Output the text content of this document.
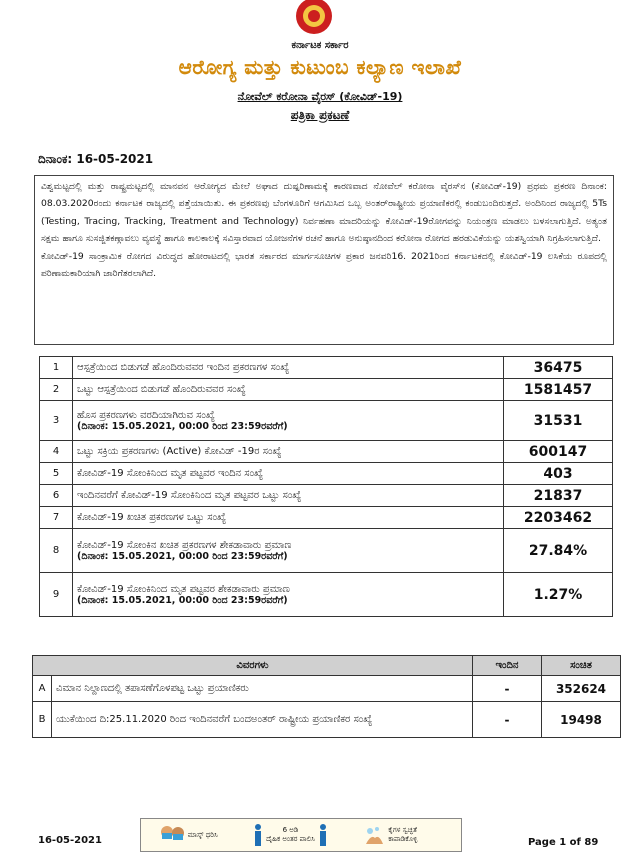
ಕರ್ನಾಟಕ ಸರ್ಕಾರ
ಆರೋಗ್ಯ ಮತ್ತು ಕುಟುಂಬ ಕಲ್ಯಾಣ ಇಲಾಖೆ
ನೋವೆಲ್ ಕರೋನಾ ವೈರಸ್ (ಕೋವಿಡ್-19)
ಪತ್ರಿಕಾ ಪ್ರಕಟಣೆ
ದಿನಾಂಕ: 16-05-2021

ವಿಶ್ವಮಟ್ಟದಲ್ಲಿ ಮತ್ತು ರಾಷ್ಟ್ರಮಟ್ಟದಲ್ಲಿ ಮಾನವನ ಆರೋಗ್ಯದ ಮೇಲೆ ಅಘಾದ ದುಷ್ಪರಿಣಾಮಕ್ಕೆ ಕಾರಣವಾದ ನೋವೆಲ್ ಕರೋನಾ ವೈರಸ್‌ನ (ಕೋವಿಡ್-19) ಪ್ರಥಮ ಪ್ರಕರಣ ದಿನಾಂಕ: 08.03.2020ರಂದು ಕರ್ನಾಟಕ ರಾಜ್ಯದಲ್ಲಿ ಪತ್ತೆಯಾಯಿತು. ಈ ಪ್ರಕರಣವು ಬೆಂಗಳೂರಿಗೆ ಆಗಮಿಸಿದ ಒಬ್ಬ ಅಂತರ್‌ರಾಷ್ಟ್ರೀಯ ಪ್ರಯಾಣಿಕರಲ್ಲಿ ಕಂಡುಬಂದಿರುತ್ತದೆ. ಅಂದಿನಿಂದ ರಾಜ್ಯದಲ್ಲಿ 5Ts (Testing, Tracing, Tracking, Treatment and Technology) ನಿರ್ವಹಣಾ ಮಾದರಿಯನ್ನು ಕೋವಿಡ್-19ರೋಗವನ್ನು ನಿಯಂತ್ರಣ ಮಾಡಲು ಬಳಸಲಾಗುತ್ತಿದೆ. ಅತ್ಯಂತ ಸಕ್ಷಮ ಹಾಗೂ ಸುಸಜ್ಜಿತಕಣ್ಗಾವಲು ವ್ಯವಸ್ಥೆ ಹಾಗೂ ಕಾಲಕಾಲಕ್ಕೆ ಸವಿಸ್ತಾರವಾದ ಯೋಜನೆಗಳ ರಚನೆ ಹಾಗೂ ಅನುಷ್ಠಾನದಿಂದ ಕರೋನಾ ರೋಗದ ಹರಡುವಿಕೆಯನ್ನು ಯಶಸ್ವಿಯಾಗಿ ನಿಗ್ರಹಿಸಲಾಗುತ್ತಿದೆ.

ಕೋವಿಡ್-19 ಸಾಂಕ್ರಾಮಿಕ ರೋಗದ ವಿರುದ್ಧದ ಹೋರಾಟದಲ್ಲಿ ಭಾರತ ಸರ್ಕಾರದ ಮಾರ್ಗಸೂಚಿಗಳ ಪ್ರಕಾರ ಜನವರಿ16. 2021ರಿಂದ ಕರ್ನಾಟಕದಲ್ಲಿ ಕೋವಿಡ್-19 ಲಸಿಕೆಯ ರೂಪದಲ್ಲಿ ಪರಿಣಾಮಕಾರಿಯಾಗಿ ಜಾರಿಗೆತರಲಾಗಿದೆ.

1	ಆಸ್ಪತ್ರೆಯಿಂದ ಬಿಡುಗಡೆ ಹೊಂದಿರುವವರ ಇಂದಿನ ಪ್ರಕರಣಗಳ ಸಂಖ್ಯೆ	36475
2	ಒಟ್ಟು ಆಸ್ಪತ್ರೆಯಿಂದ ಬಿಡುಗಡೆ ಹೊಂದಿರುವವರ ಸಂಖ್ಯೆ	1581457
3	ಹೊಸ ಪ್ರಕರಣಗಳು ವರದಿಯಾಗಿರುವ ಸಂಖ್ಯೆ
(ದಿನಾಂಕ: 15.05.2021, 00:00 ರಿಂದ 23:59ರವರೆಗೆ)	31531
4	ಒಟ್ಟು ಸಕ್ರಿಯ ಪ್ರಕರಣಗಳು (Active) ಕೋವಿಡ್ -19ರ ಸಂಖ್ಯೆ	600147
5	ಕೋವಿಡ್-19 ಸೋಂಕಿನಿಂದ ಮೃತ ಪಟ್ಟವರ ಇಂದಿನ ಸಂಖ್ಯೆ	403
6	ಇಂದಿನವರೆಗೆ ಕೋವಿಡ್-19 ಸೋಂಕಿನಿಂದ ಮೃತ ಪಟ್ಟವರ ಒಟ್ಟು ಸಂಖ್ಯೆ	21837
7	ಕೋವಿಡ್-19 ಖಚಿತ ಪ್ರಕರಣಗಳ ಒಟ್ಟು ಸಂಖ್ಯೆ	2203462
8	ಕೋವಿಡ್-19 ಸೋಂಕಿನ ಖಚಿತ ಪ್ರಕರಣಗಳ ಶೇಕಡಾವಾರು ಪ್ರಮಾಣ
(ದಿನಾಂಕ: 15.05.2021, 00:00 ರಿಂದ 23:59ರವರೆಗೆ)	27.84%
9	ಕೋವಿಡ್-19 ಸೋಂಕಿನಿಂದ ಮೃತ ಪಟ್ಟವರ ಶೇಕಡಾವಾರು ಪ್ರಮಾಣ
(ದಿನಾಂಕ: 15.05.2021, 00:00 ರಿಂದ 23:59ರವರೆಗೆ)	1.27%
ವಿವರಗಳು		ಇಂದಿನ	ಸಂಚಿತ
A	ವಿಮಾನ ನಿಲ್ದಾಣದಲ್ಲಿ ತಪಾಸಣೆಗೊಳಪಟ್ಟ ಒಟ್ಟು ಪ್ರಯಾಣಿಕರು	-	352624
B	ಯುಕೆಯಿಂದ ದಿ:25.11.2020 ರಿಂದ ಇಂದಿನವರೆಗೆ ಬಂದಅಂತರ್ ರಾಷ್ಟ್ರೀಯ ಪ್ರಯಾಣಿಕರ ಸಂಖ್ಯೆ	-	19498
16-05-2021
ಮಾಸ್ಕ್ ಧರಿಸಿ
6 ಅಡಿ
ದೈಹಿಕ ಅಂತರ ಪಾಲಿಸಿ
ಕೈಗಳ ಸ್ವಚ್ಛತೆ ಕಾಪಾಡಿಕೊಳ್ಳಿ	Page 1 of 89
